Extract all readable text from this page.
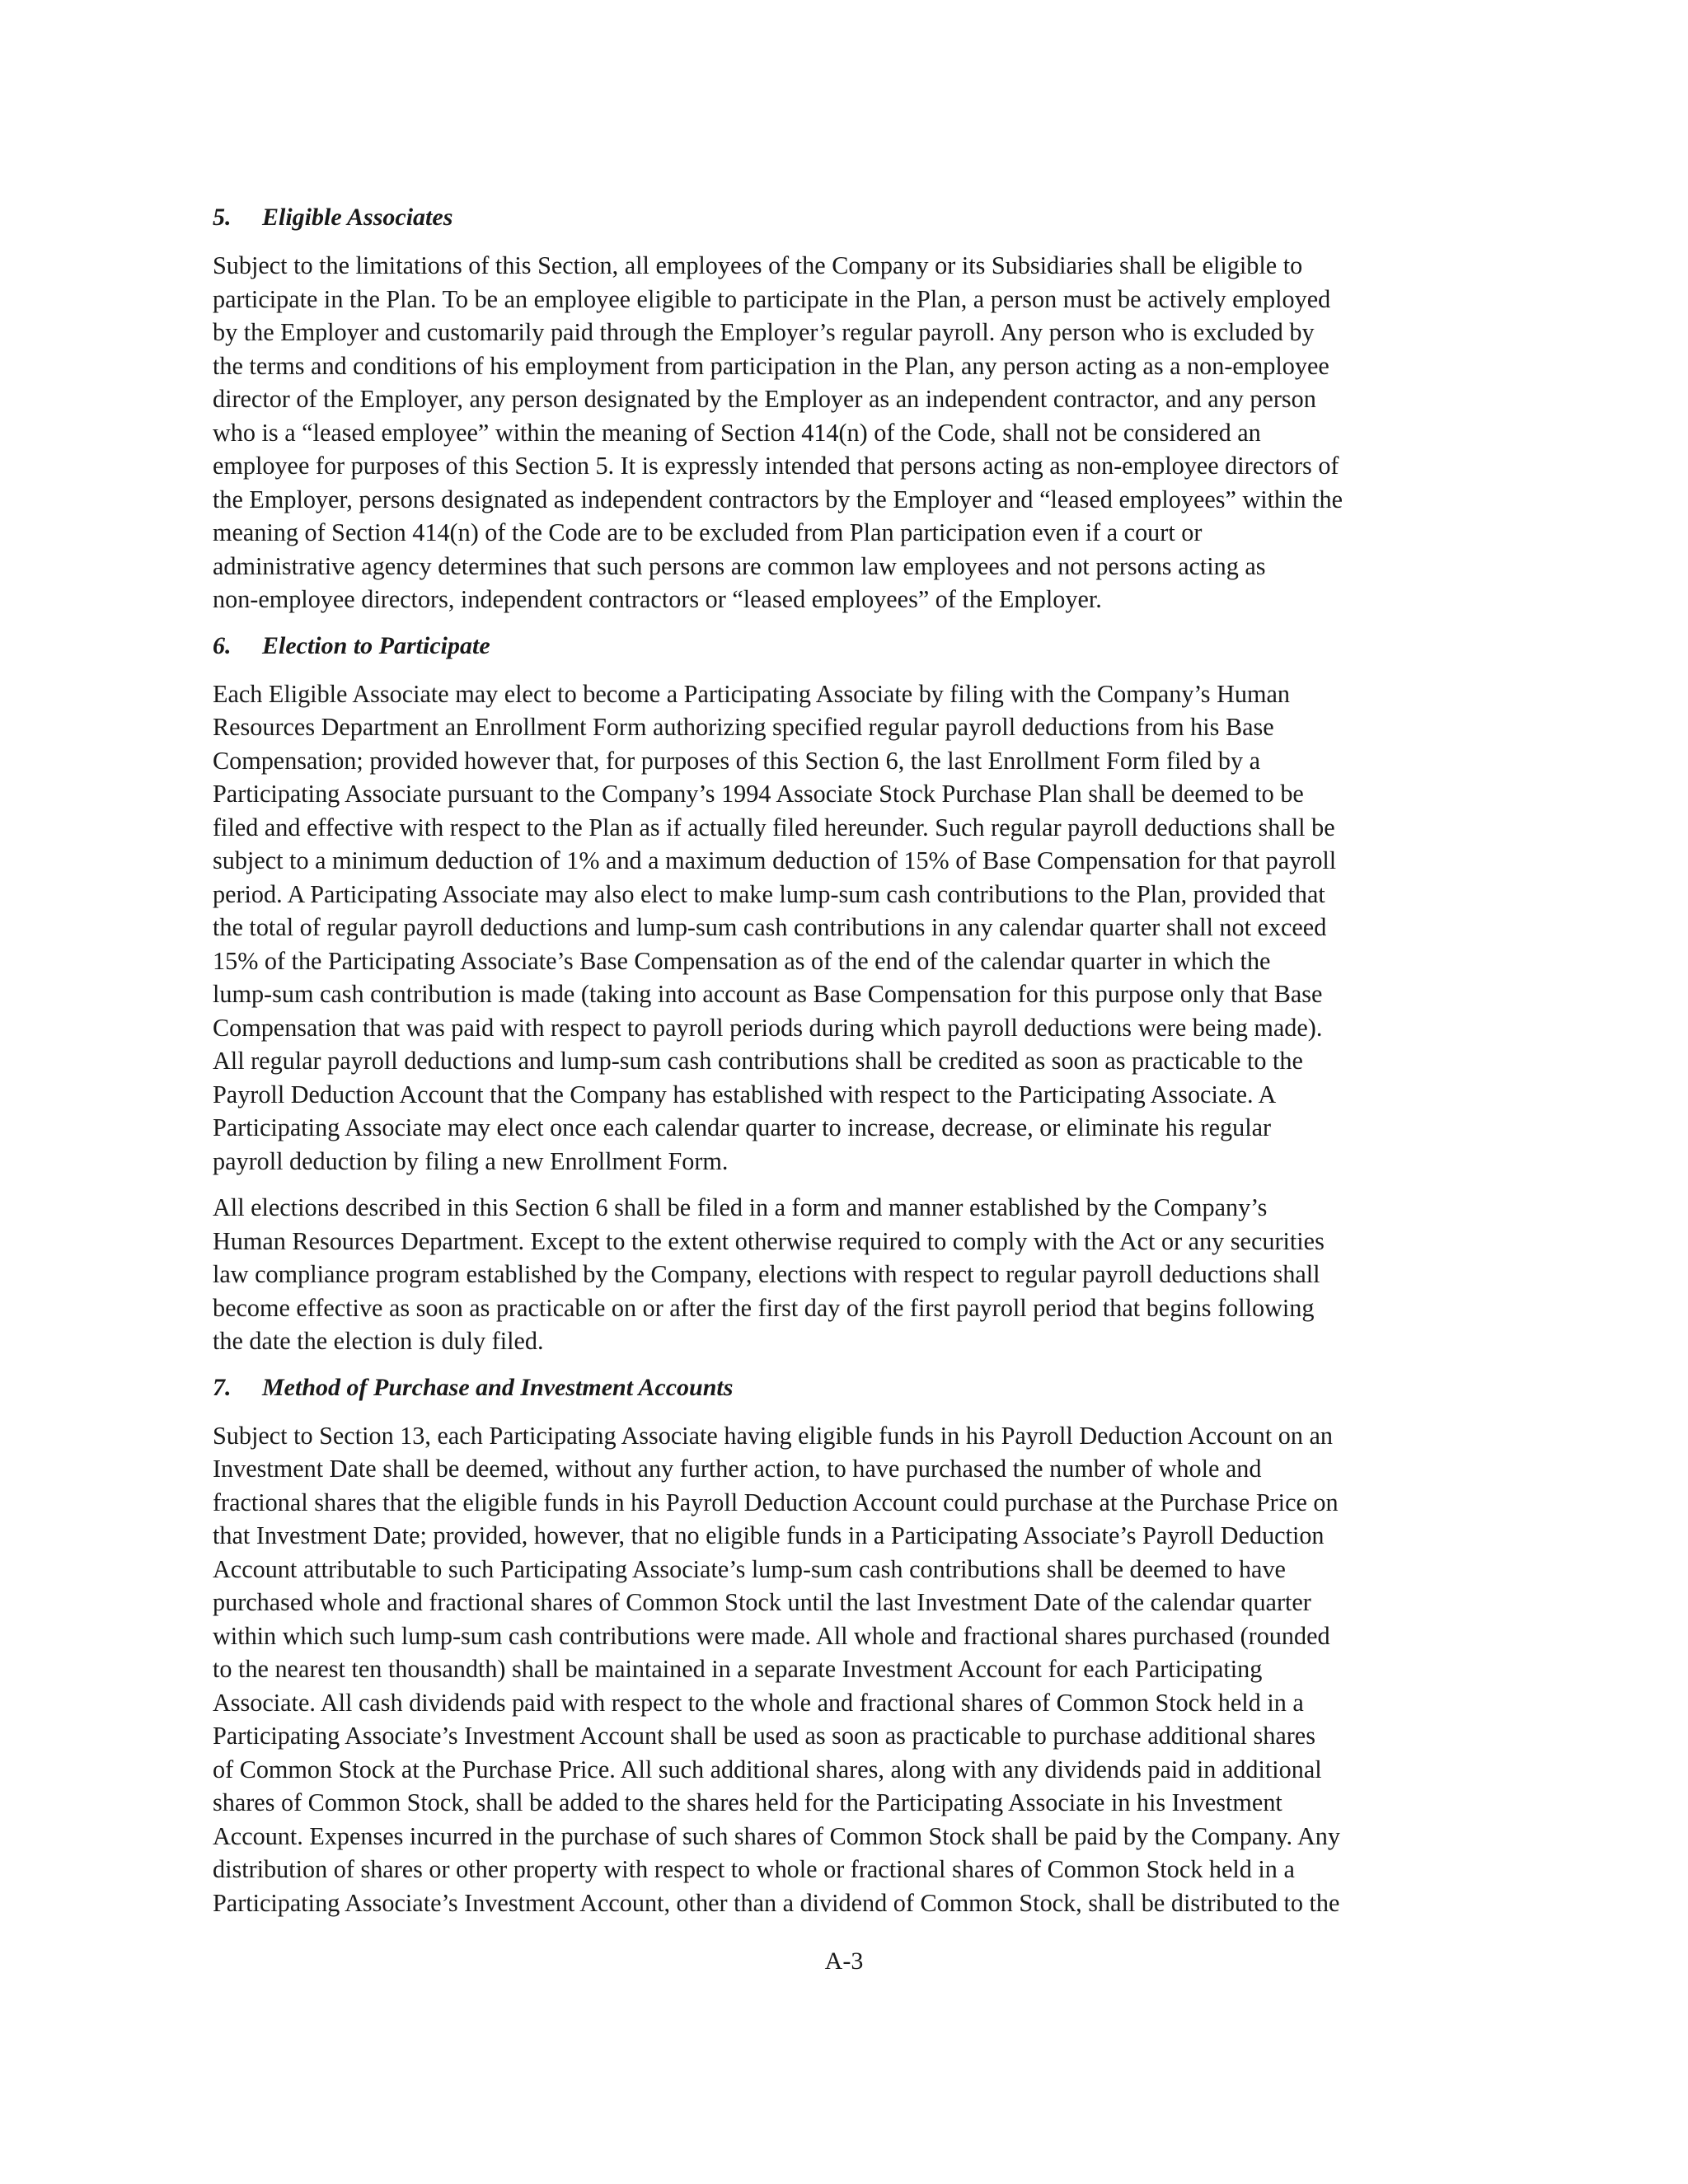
5. Eligible Associates
Subject to the limitations of this Section, all employees of the Company or its Subsidiaries shall be eligible to
participate in the Plan. To be an employee eligible to participate in the Plan, a person must be actively employed
by the Employer and customarily paid through the Employer’s regular payroll. Any person who is excluded by
the terms and conditions of his employment from participation in the Plan, any person acting as a non-employee
director of the Employer, any person designated by the Employer as an independent contractor, and any person
who is a “leased employee” within the meaning of Section 414(n) of the Code, shall not be considered an
employee for purposes of this Section 5. It is expressly intended that persons acting as non-employee directors of
the Employer, persons designated as independent contractors by the Employer and “leased employees” within the
meaning of Section 414(n) of the Code are to be excluded from Plan participation even if a court or
administrative agency determines that such persons are common law employees and not persons acting as
non-employee directors, independent contractors or “leased employees” of the Employer.
6. Election to Participate
Each Eligible Associate may elect to become a Participating Associate by filing with the Company’s Human
Resources Department an Enrollment Form authorizing specified regular payroll deductions from his Base
Compensation; provided however that, for purposes of this Section 6, the last Enrollment Form filed by a
Participating Associate pursuant to the Company’s 1994 Associate Stock Purchase Plan shall be deemed to be
filed and effective with respect to the Plan as if actually filed hereunder. Such regular payroll deductions shall be
subject to a minimum deduction of 1% and a maximum deduction of 15% of Base Compensation for that payroll
period. A Participating Associate may also elect to make lump-sum cash contributions to the Plan, provided that
the total of regular payroll deductions and lump-sum cash contributions in any calendar quarter shall not exceed
15% of the Participating Associate’s Base Compensation as of the end of the calendar quarter in which the
lump-sum cash contribution is made (taking into account as Base Compensation for this purpose only that Base
Compensation that was paid with respect to payroll periods during which payroll deductions were being made).
All regular payroll deductions and lump-sum cash contributions shall be credited as soon as practicable to the
Payroll Deduction Account that the Company has established with respect to the Participating Associate. A
Participating Associate may elect once each calendar quarter to increase, decrease, or eliminate his regular
payroll deduction by filing a new Enrollment Form.
All elections described in this Section 6 shall be filed in a form and manner established by the Company’s
Human Resources Department. Except to the extent otherwise required to comply with the Act or any securities
law compliance program established by the Company, elections with respect to regular payroll deductions shall
become effective as soon as practicable on or after the first day of the first payroll period that begins following
the date the election is duly filed.
7. Method of Purchase and Investment Accounts
Subject to Section 13, each Participating Associate having eligible funds in his Payroll Deduction Account on an
Investment Date shall be deemed, without any further action, to have purchased the number of whole and
fractional shares that the eligible funds in his Payroll Deduction Account could purchase at the Purchase Price on
that Investment Date; provided, however, that no eligible funds in a Participating Associate’s Payroll Deduction
Account attributable to such Participating Associate’s lump-sum cash contributions shall be deemed to have
purchased whole and fractional shares of Common Stock until the last Investment Date of the calendar quarter
within which such lump-sum cash contributions were made. All whole and fractional shares purchased (rounded
to the nearest ten thousandth) shall be maintained in a separate Investment Account for each Participating
Associate. All cash dividends paid with respect to the whole and fractional shares of Common Stock held in a
Participating Associate’s Investment Account shall be used as soon as practicable to purchase additional shares
of Common Stock at the Purchase Price. All such additional shares, along with any dividends paid in additional
shares of Common Stock, shall be added to the shares held for the Participating Associate in his Investment
Account. Expenses incurred in the purchase of such shares of Common Stock shall be paid by the Company. Any
distribution of shares or other property with respect to whole or fractional shares of Common Stock held in a
Participating Associate’s Investment Account, other than a dividend of Common Stock, shall be distributed to the
A-3
